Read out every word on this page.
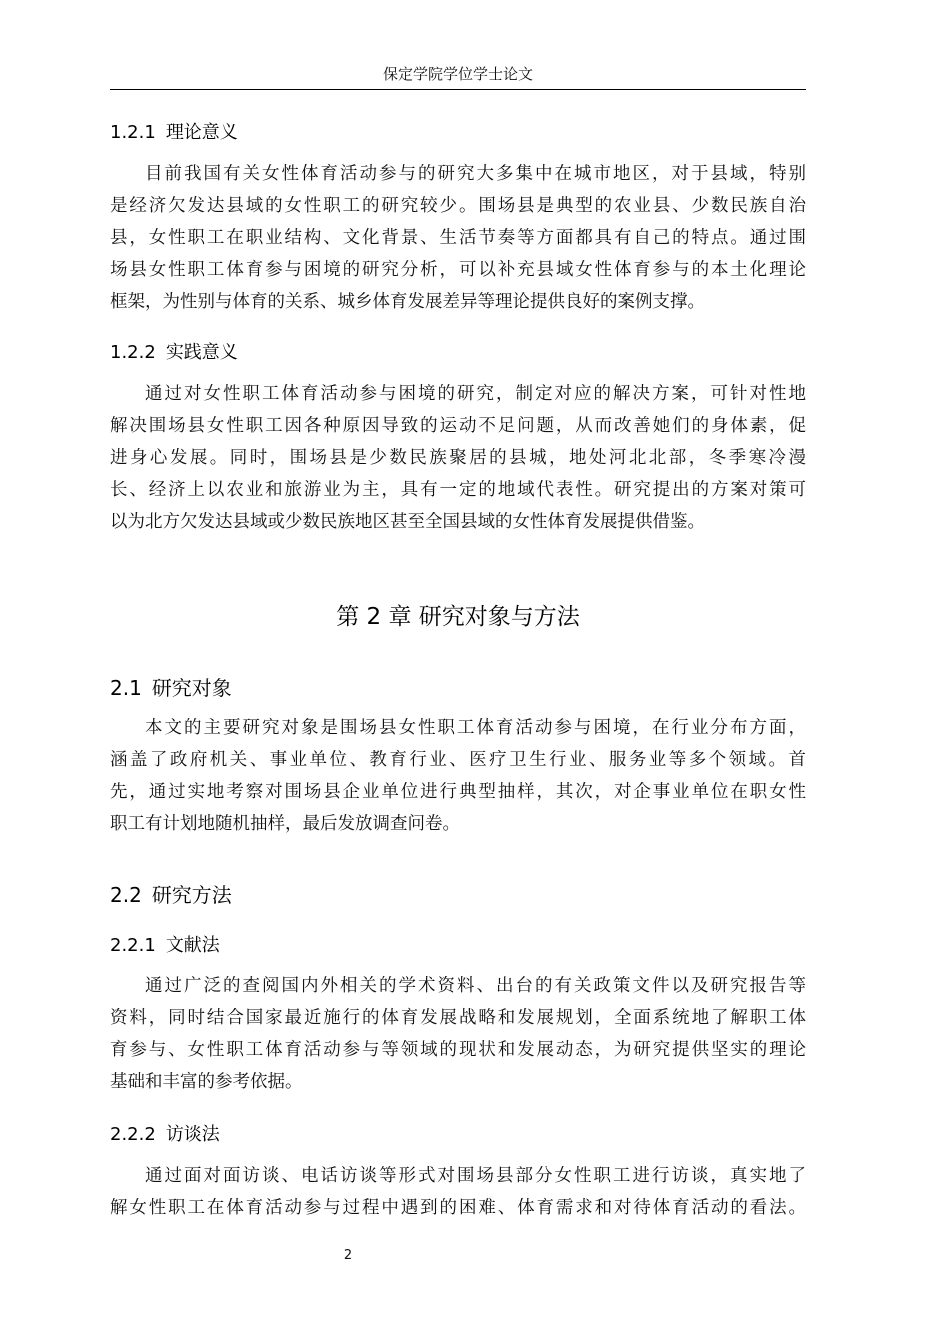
保定学院学位学士论文
1.2.1 理论意义
目前我国有关女性体育活动参与的研究大多集中在城市地区，对于县域，特别
是经济欠发达县域的女性职工的研究较少。围场县是典型的农业县、少数民族自治
县，女性职工在职业结构、文化背景、生活节奏等方面都具有自己的特点。通过围
场县女性职工体育参与困境的研究分析，可以补充县域女性体育参与的本土化理论
框架，为性别与体育的关系、城乡体育发展差异等理论提供良好的案例支撑。
1.2.2 实践意义
通过对女性职工体育活动参与困境的研究，制定对应的解决方案，可针对性地
解决围场县女性职工因各种原因导致的运动不足问题，从而改善她们的身体素，促
进身心发展。同时，围场县是少数民族聚居的县城，地处河北北部，冬季寒冷漫
长、经济上以农业和旅游业为主，具有一定的地域代表性。研究提出的方案对策可
以为北方欠发达县域或少数民族地区甚至全国县域的女性体育发展提供借鉴。
第 2 章 研究对象与方法
2.1 研究对象
本文的主要研究对象是围场县女性职工体育活动参与困境，在行业分布方面，
涵盖了政府机关、事业单位、教育行业、医疗卫生行业、服务业等多个领域。首
先，通过实地考察对围场县企业单位进行典型抽样，其次，对企事业单位在职女性
职工有计划地随机抽样，最后发放调查问卷。
2.2 研究方法
2.2.1 文献法
通过广泛的查阅国内外相关的学术资料、出台的有关政策文件以及研究报告等
资料，同时结合国家最近施行的体育发展战略和发展规划，全面系统地了解职工体
育参与、女性职工体育活动参与等领域的现状和发展动态，为研究提供坚实的理论
基础和丰富的参考依据。
2.2.2 访谈法
通过面对面访谈、电话访谈等形式对围场县部分女性职工进行访谈，真实地了
解女性职工在体育活动参与过程中遇到的困难、体育需求和对待体育活动的看法。
2
